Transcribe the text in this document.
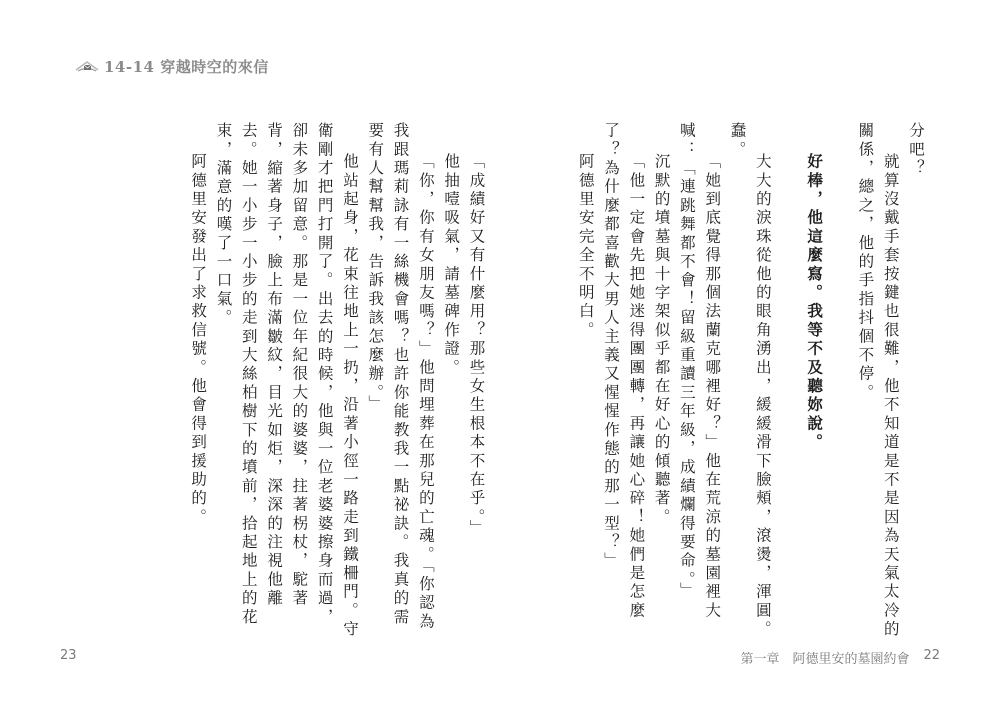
14-14 穿越時空的來信

分吧？

就算沒戴手套按鍵也很難，他不知道是不是因為天氣太冷的關係，總之，他的手指抖個不停。

好棒，他這麼寫。我等不及聽妳說。

大大的淚珠從他的眼角湧出，緩緩滑下臉頰，滾燙，渾圓。蠢。

「她到底覺得那個法蘭克哪裡好？」他在荒涼的墓園裡大喊：「連跳舞都不會！留級重讀三年級，成績爛得要命。」

沉默的墳墓與十字架似乎都在好心的傾聽著。

「他一定會先把她迷得團團轉，再讓她心碎！她們是怎麼了？為什麼都喜歡大男人主義又惺惺作態的那一型？」

阿德里安完全不明白。

「成績好又有什麼用？那些女生根本不在乎。」

他抽噎吸氣，請墓碑作證。

「你，你有女朋友嗎？」他問埋葬在那兒的亡魂。「你認為我跟瑪莉詠有一絲機會嗎？也許你能教我一點祕訣。我真的需要有人幫幫我，告訴我該怎麼辦。」

他站起身，花束往地上一扔，沿著小徑一路走到鐵柵門。守衛剛才把門打開了。出去的時候，他與一位老婆婆擦身而過，卻未多加留意。那是一位年紀很大的婆婆，拄著柺杖，駝著背，縮著身子，臉上布滿皺紋，目光如炬，深深的注視他離去。她一小步一小步的走到大絲柏樹下的墳前，拾起地上的花束，滿意的嘆了一口氣。

阿德里安發出了求救信號。他會得到援助的。

23	第一章　阿德里安的墓園約會 22
